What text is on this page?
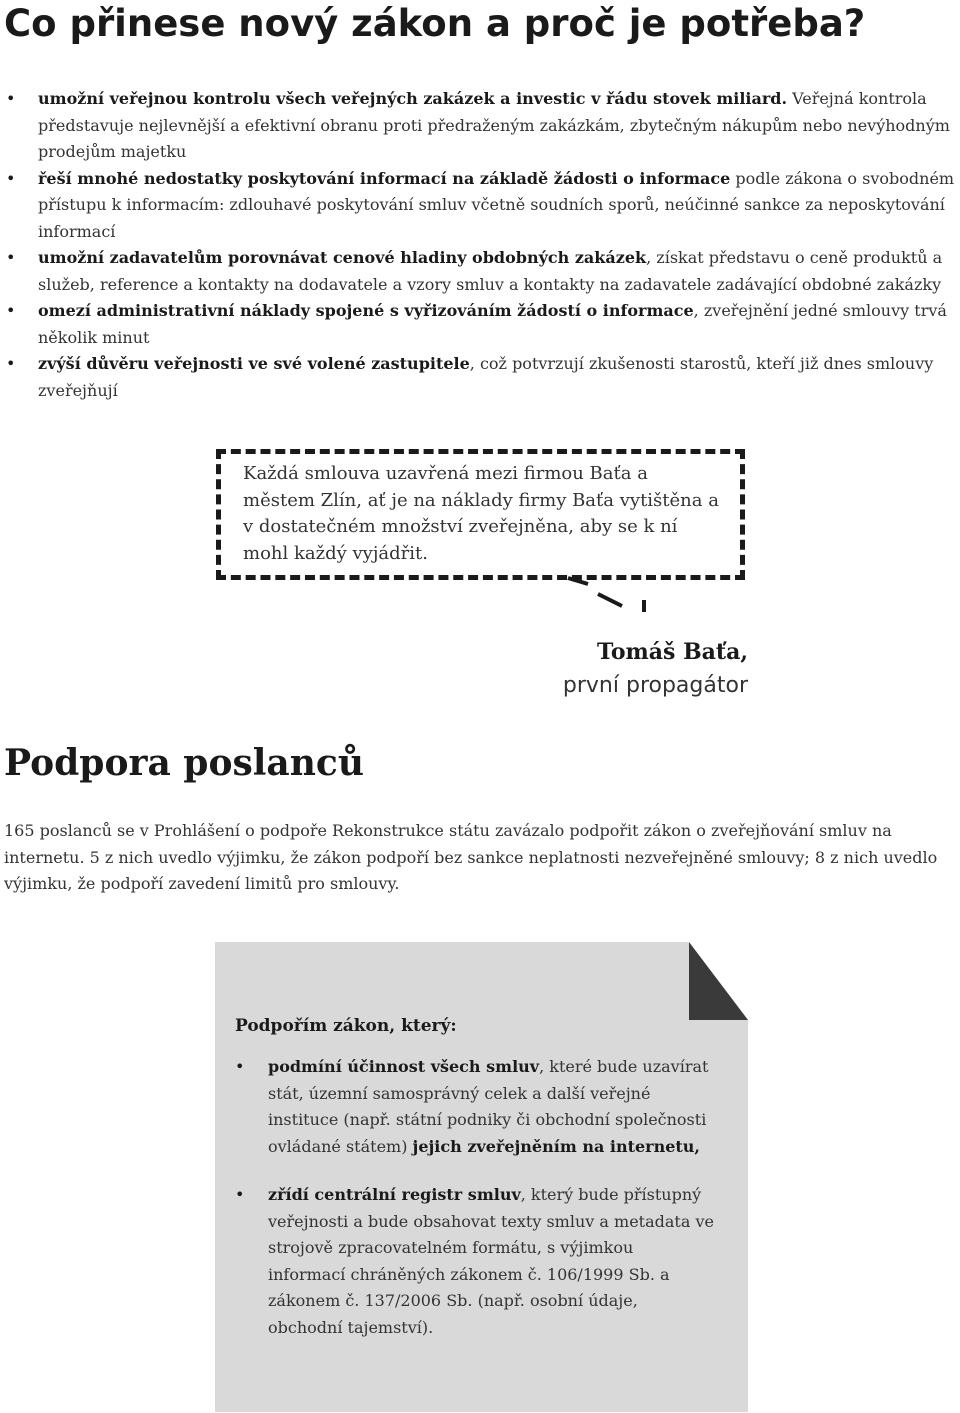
Co přinese nový zákon a proč je potřeba?
• umožní veřejnou kontrolu všech veřejných zakázek a investic v řádu stovek miliard. Veřejná kontrola představuje nejlevnější a efektivní obranu proti předraženým zakázkám, zbytečným nákupům nebo nevýhodným prodejům majetku
• řeší mnohé nedostatky poskytování informací na základě žádosti o informace podle zákona o svobodném přístupu k informacím: zdlouhavé poskytování smluv včetně soudních sporů, neúčinné sankce za neposkytování informací
• umožní zadavatelům porovnávat cenové hladiny obdobných zakázek, získat představu o ceně produktů a služeb, reference a kontakty na dodavatele a vzory smluv a kontakty na zadavatele zadávající obdobné zakázky
• omezí administrativní náklady spojené s vyřizováním žádostí o informace, zveřejnění jedné smlouvy trvá několik minut
• zvýší důvěru veřejnosti ve své volené zastupitele, což potvrzují zkušenosti starostů, kteří již dnes smlouvy zveřejňují
Každá smlouva uzavřená mezi firmou Baťa a městem Zlín, ať je na náklady firmy Baťa vytištěna a v dostatečném množství zveřejněna, aby se k ní mohl každý vyjádřit.
Tomáš Baťa,
první propagátor
Podpora poslanců

165 poslanců se v Prohlášení o podpoře Rekonstrukce státu zavázalo podpořit zákon o zveřejňování smluv na internetu. 5 z nich uvedlo výjimku, že zákon podpoří bez sankce neplatnosti nezveřejněné smlouvy; 8 z nich uvedlo výjimku, že podpoří zavedení limitů pro smlouvy.

Podpořím zákon, který:
• podmíní účinnost všech smluv, které bude uzavírat stát, územní samosprávný celek a další veřejné instituce (např. státní podniky či obchodní společnosti ovládané státem) jejich zveřejněním na internetu,
• zřídí centrální registr smluv, který bude přístupný veřejnosti a bude obsahovat texty smluv a metadata ve strojově zpracovatelném formátu, s výjimkou informací chráněných zákonem č. 106/1999 Sb. a zákonem č. 137/2006 Sb. (např. osobní údaje, obchodní tajemství).
